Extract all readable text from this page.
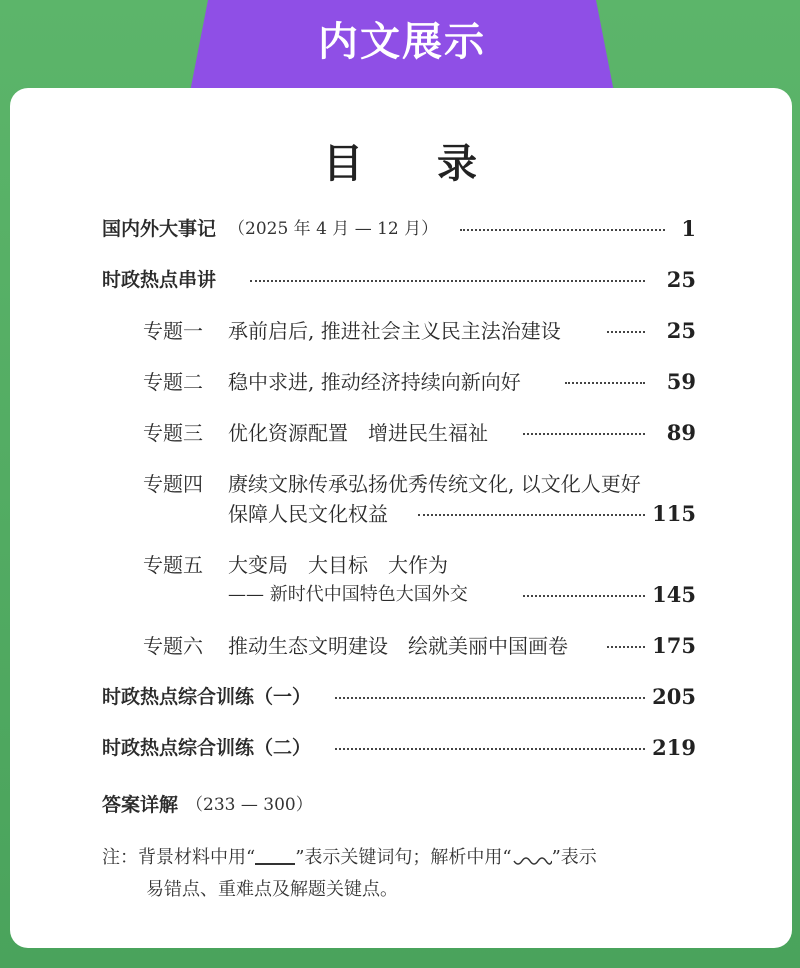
内文展示
目 录
国内外大事记 （2025 年 4 月 — 12 月）	1
时政热点串讲	25
专题一 承前启后, 推进社会主义民主法治建设	25
专题二 稳中求进, 推动经济持续向新向好	59
专题三 优化资源配置　增进民生福祉	89
专题四 赓续文脉传承弘扬优秀传统文化, 以文化人更好
保障人民文化权益	115
专题五 大变局　大目标　大作为
—— 新时代中国特色大国外交	145
专题六 推动生态文明建设　绘就美丽中国画卷	175
时政热点综合训练（一）	205
时政热点综合训练（二）	219
答案详解 （233 — 300）
注：背景材料中用“ ”表示关键词句；解析中用“ ”表示
易错点、重难点及解题关键点。
